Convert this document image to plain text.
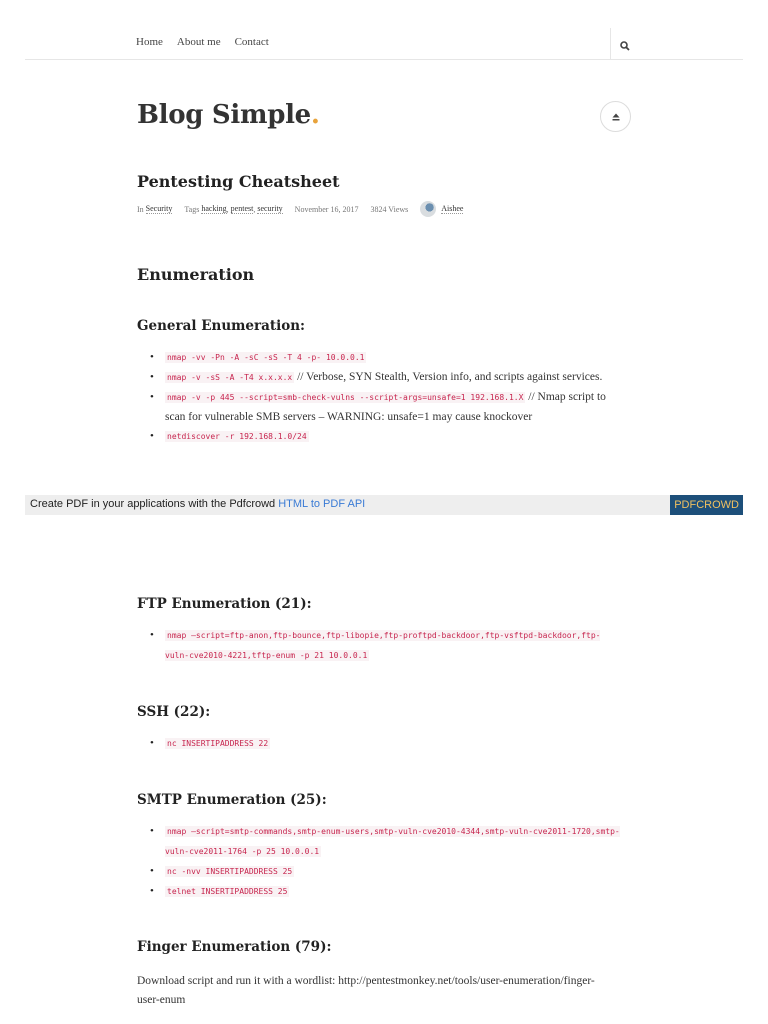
Home About me Contact
Blog Simple.
Pentesting Cheatsheet
In
Security Tags
hacking , pentest , security November 16, 2017 3824 Views	Aishee
Enumeration
General Enumeration:
• nmap -vv -Pn -A -sC -sS -T 4 -p- 10.0.0.1
• nmap -v -sS -A -T4 x.x.x.x // Verbose, SYN Stealth, Version info, and scripts against services.
• nmap -v -p 445 --script=smb-check-vulns --script-args=unsafe=1 192.168.1.X // Nmap script to scan for vulnerable SMB servers – WARNING: unsafe=1 may cause knockover
• netdiscover -r 192.168.1.0/24
Create PDF in your applications with the Pdfcrowd HTML to PDF API	PDFCROWD
FTP Enumeration (21):
• nmap –script=ftp-anon,ftp-bounce,ftp-libopie,ftp-proftpd-backdoor,ftp-vsftpd-backdoor,ftp-vuln-cve2010-4221,tftp-enum -p 21 10.0.0.1
SSH (22):
• nc INSERTIPADDRESS 22
SMTP Enumeration (25):
• nmap –script=smtp-commands,smtp-enum-users,smtp-vuln-cve2010-4344,smtp-vuln-cve2011-1720,smtp-vuln-cve2011-1764 -p 25 10.0.0.1
• nc -nvv INSERTIPADDRESS 25
• telnet INSERTIPADDRESS 25
Finger Enumeration (79):
Download script and run it with a wordlist: http://pentestmonkey.net/tools/user-enumeration/finger-user-enum
